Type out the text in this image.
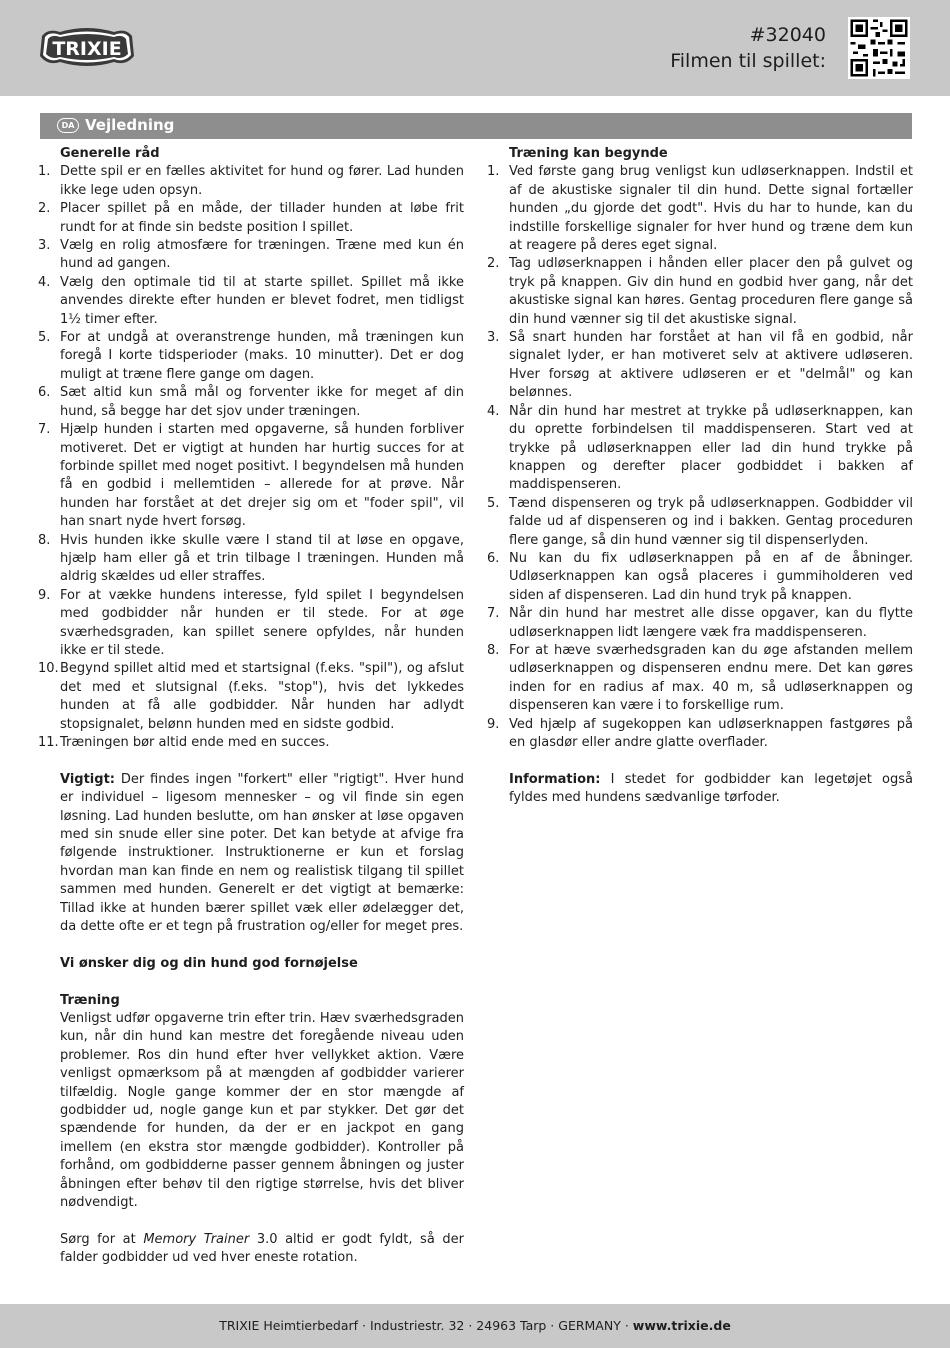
TRIXIE
#32040
Filmen til spillet:
DA Vejledning
Generelle råd
1. Dette spil er en fælles aktivitet for hund og fører. Lad hunden ikke lege uden opsyn.
2. Placer spillet på en måde, der tillader hunden at løbe frit rundt for at finde sin bedste position I spillet.
3. Vælg en rolig atmosfære for træningen. Træne med kun én hund ad gangen.
4. Vælg den optimale tid til at starte spillet. Spillet må ikke anvendes direkte efter hunden er blevet fodret, men tidligst 1½ timer efter.
5. For at undgå at overanstrenge hunden, må træningen kun foregå I korte tidsperioder (maks. 10 minutter). Det er dog muligt at træne flere gange om dagen.
6. Sæt altid kun små mål og forventer ikke for meget af din hund, så begge har det sjov under træningen.
7. Hjælp hunden i starten med opgaverne, så hunden forbliver motiveret. Det er vigtigt at hunden har hurtig succes for at forbinde spillet med noget positivt. I begyndelsen må hunden få en godbid i mellemtiden – allerede for at prøve. Når hunden har forstået at det drejer sig om et "foder spil", vil han snart nyde hvert forsøg.
8. Hvis hunden ikke skulle være I stand til at løse en opgave, hjælp ham eller gå et trin tilbage I træningen. Hunden må aldrig skældes ud eller straffes.
9. For at vække hundens interesse, fyld spilet I begyndelsen med godbidder når hunden er til stede. For at øge sværhedsgraden, kan spillet senere opfyldes, når hunden ikke er til stede.
10. Begynd spillet altid med et startsignal (f.eks. "spil"), og afslut det med et slutsignal (f.eks. "stop"), hvis det lykkedes hunden at få alle godbidder. Når hunden har adlydt stopsignalet, belønn hunden med en sidste godbid.
11. Træningen bør altid ende med en succes.
Vigtigt: Der findes ingen "forkert" eller "rigtigt". Hver hund er individuel – ligesom mennesker – og vil finde sin egen løsning. Lad hunden beslutte, om han ønsker at løse opgaven med sin snude eller sine poter. Det kan betyde at afvige fra følgende instruktioner. Instruktionerne er kun et forslag hvordan man kan finde en nem og realistisk tilgang til spillet sammen med hunden. Generelt er det vigtigt at bemærke: Tillad ikke at hunden bærer spillet væk eller ødelægger det, da dette ofte er et tegn på frustration og/eller for meget pres.
Vi ønsker dig og din hund god fornøjelse
Træning
Venligst udfør opgaverne trin efter trin. Hæv sværhedsgraden kun, når din hund kan mestre det foregående niveau uden problemer. Ros din hund efter hver vellykket aktion. Være venligst opmærksom på at mængden af godbidder varierer tilfældig. Nogle gange kommer der en stor mængde af godbidder ud, nogle gange kun et par stykker. Det gør det spændende for hunden, da der er en jackpot en gang imellem (en ekstra stor mængde godbidder). Kontroller på forhånd, om godbidderne passer gennem åbningen og juster åbningen efter behøv til den rigtige størrelse, hvis det bliver nødvendigt.
Sørg for at Memory Trainer 3.0 altid er godt fyldt, så der falder godbidder ud ved hver eneste rotation.
Træning kan begynde
1. Ved første gang brug venligst kun udløserknappen. Indstil et af de akustiske signaler til din hund. Dette signal fortæller hunden „du gjorde det godt". Hvis du har to hunde, kan du indstille forskellige signaler for hver hund og træne dem kun at reagere på deres eget signal.
2. Tag udløserknappen i hånden eller placer den på gulvet og tryk på knappen. Giv din hund en godbid hver gang, når det akustiske signal kan høres. Gentag proceduren flere gange så din hund vænner sig til det akustiske signal.
3. Så snart hunden har forstået at han vil få en godbid, når signalet lyder, er han motiveret selv at aktivere udløseren. Hver forsøg at aktivere udløseren er et "delmål" og kan belønnes.
4. Når din hund har mestret at trykke på udløserknappen, kan du oprette forbindelsen til maddispenseren. Start ved at trykke på udløserknappen eller lad din hund trykke på knappen og derefter placer godbiddet i bakken af maddispenseren.
5. Tænd dispenseren og tryk på udløserknappen. Godbidder vil falde ud af dispenseren og ind i bakken. Gentag proceduren flere gange, så din hund vænner sig til dispenserlyden.
6. Nu kan du fix udløserknappen på en af de åbninger. Udløserknappen kan også placeres i gummiholderen ved siden af dispenseren. Lad din hund tryk på knappen.
7. Når din hund har mestret alle disse opgaver, kan du flytte udløserknappen lidt længere væk fra maddispenseren.
8. For at hæve sværhedsgraden kan du øge afstanden mellem udløserknappen og dispenseren endnu mere. Det kan gøres inden for en radius af max. 40 m, så udløserknappen og dispenseren kan være i to forskellige rum.
9. Ved hjælp af sugekoppen kan udløserknappen fastgøres på en glasdør eller andre glatte overflader.
Information: I stedet for godbidder kan legetøjet også fyldes med hundens sædvanlige tørfoder.
TRIXIE Heimtierbedarf · Industriestr. 32 · 24963 Tarp · GERMANY · www.trixie.de
